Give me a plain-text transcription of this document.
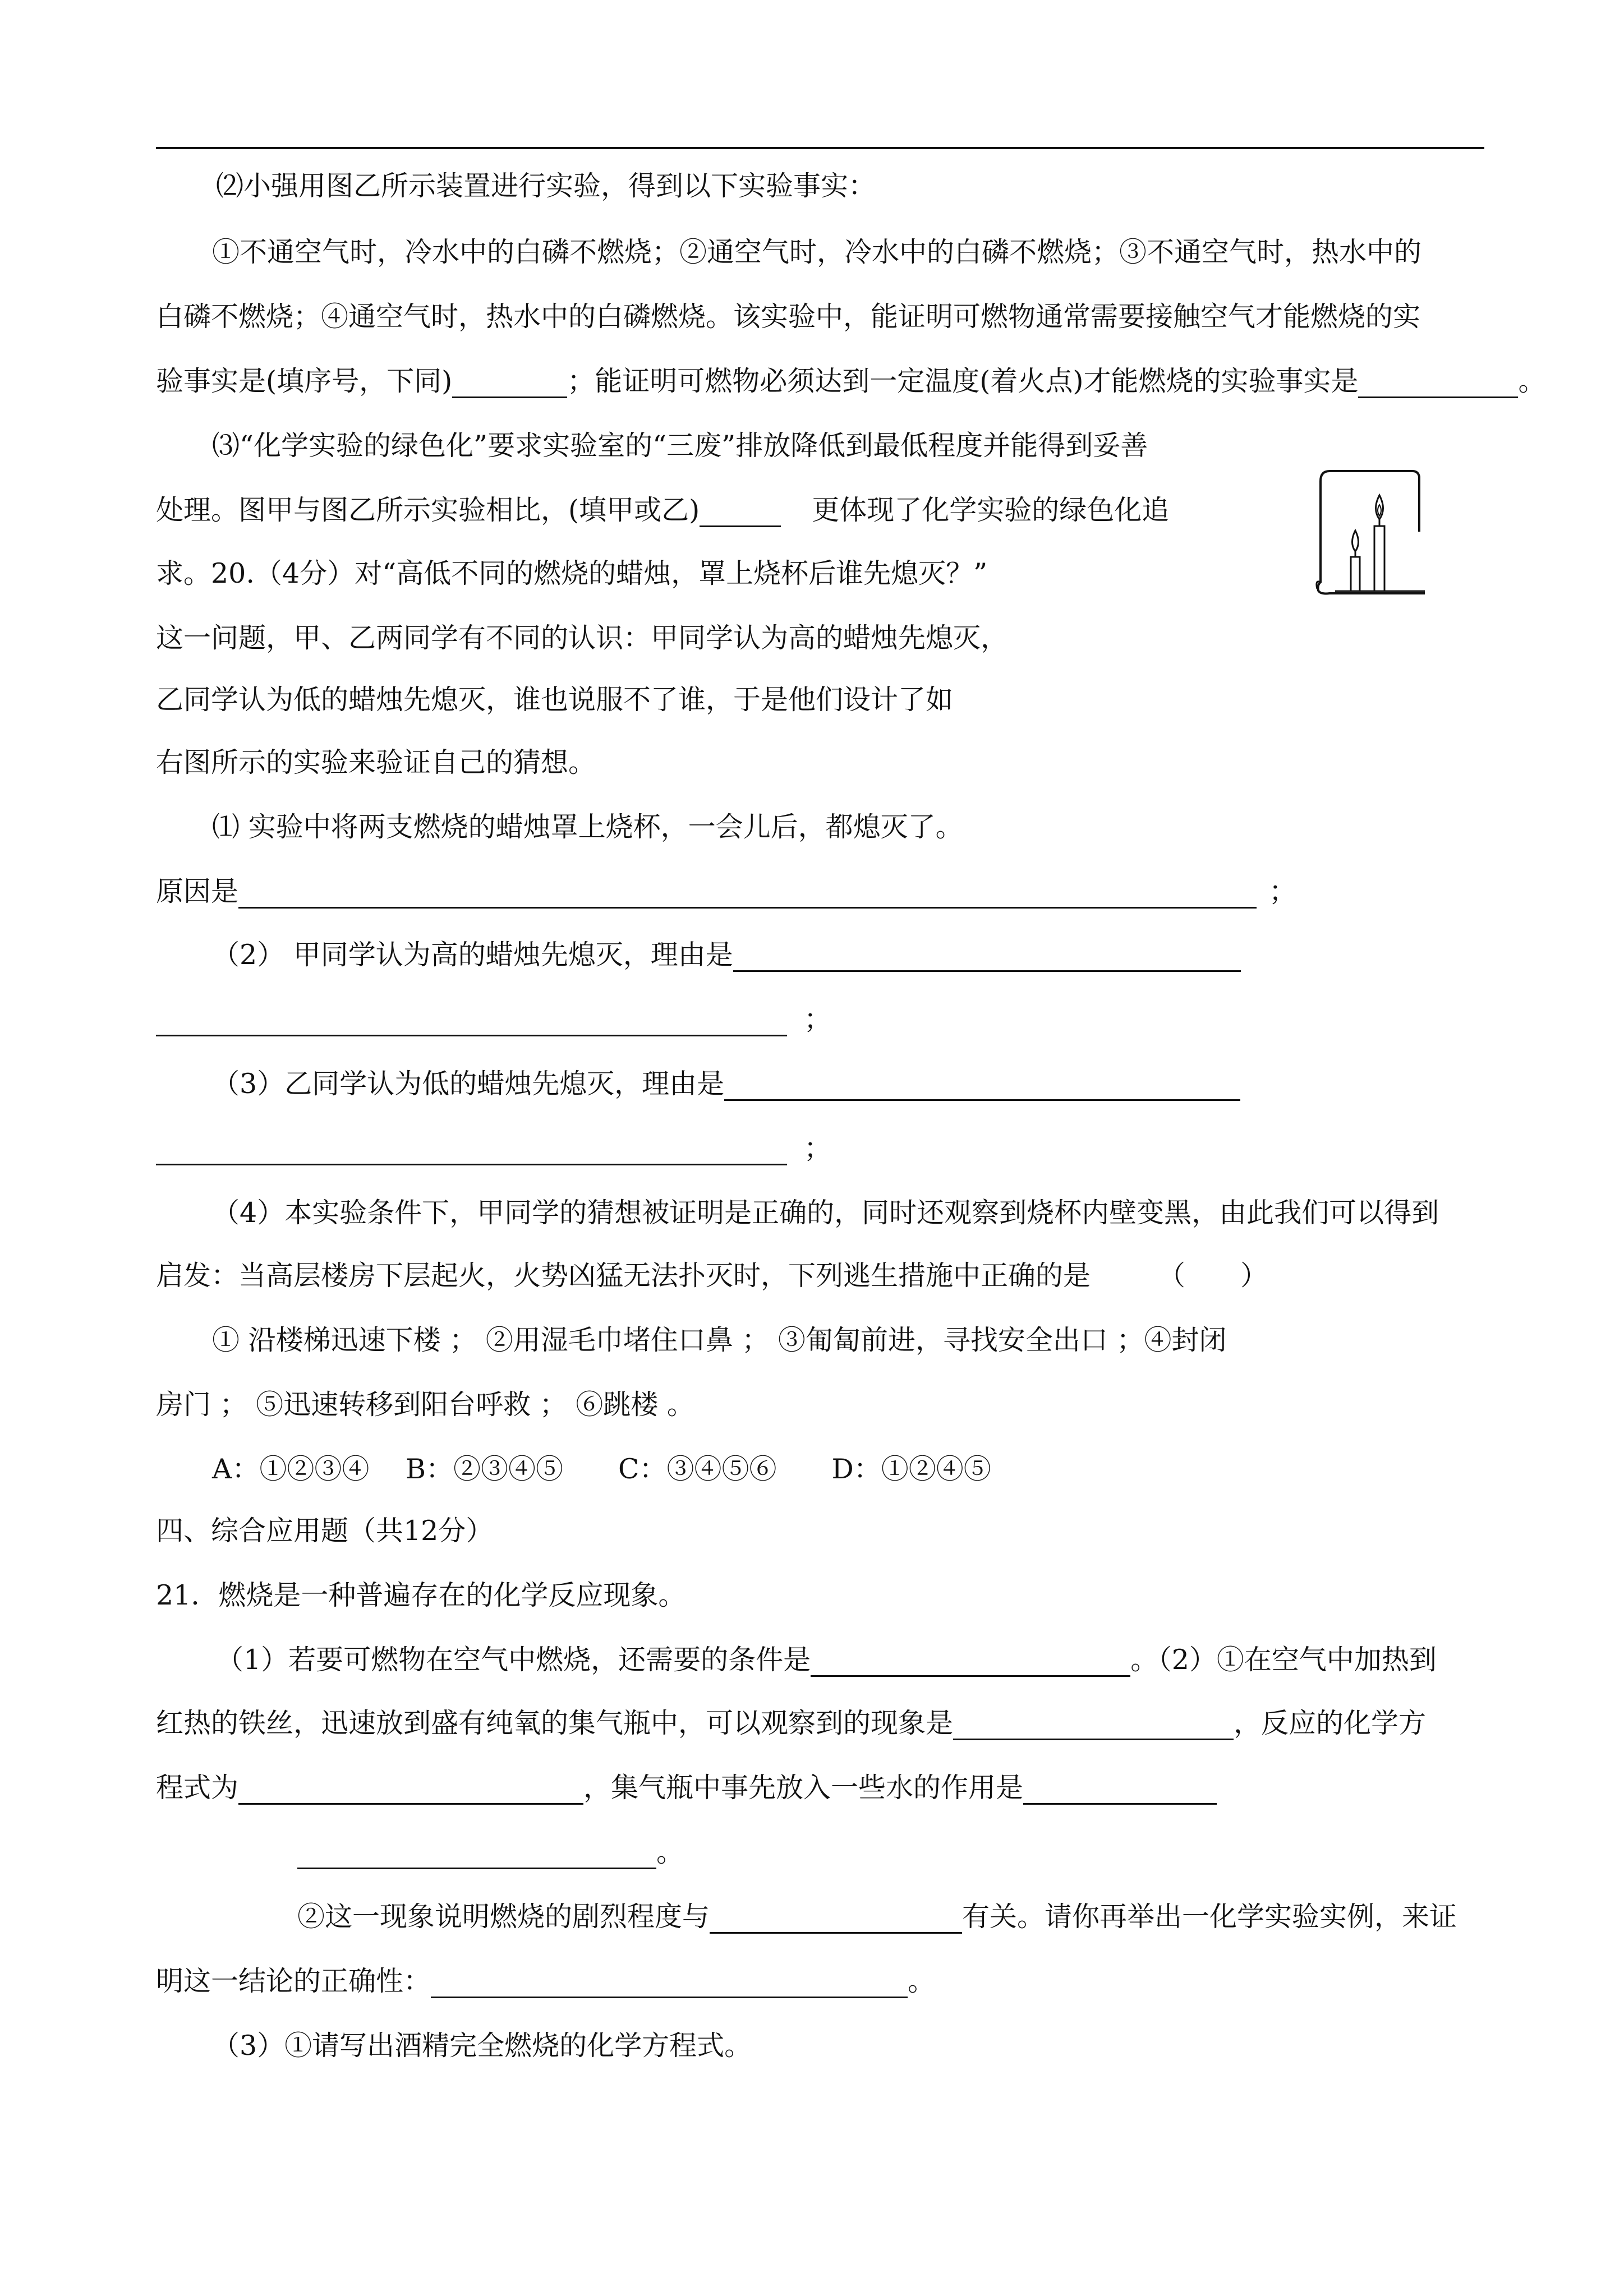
⑵小强用图乙所示装置进行实验，得到以下实验事实：
①不通空气时，冷水中的白磷不燃烧；②通空气时，冷水中的白磷不燃烧；③不通空气时，热水中的
白磷不燃烧；④通空气时，热水中的白磷燃烧。该实验中，能证明可燃物通常需要接触空气才能燃烧的实
验事实是(填序号，下同)	；能证明可燃物必须达到一定温度(着火点)才能燃烧的实验事实是	。
⑶“化学实验的绿色化”要求实验室的“三废”排放降低到最低程度并能得到妥善
处理。图甲与图乙所示实验相比，(填甲或乙)	更体现了化学实验的绿色化追
求。20.（4分）对“高低不同的燃烧的蜡烛，罩上烧杯后谁先熄灭？”
这一问题，甲、乙两同学有不同的认识：甲同学认为高的蜡烛先熄灭，
乙同学认为低的蜡烛先熄灭，谁也说服不了谁，于是他们设计了如
右图所示的实验来验证自己的猜想。
⑴ 实验中将两支燃烧的蜡烛罩上烧杯，一会儿后，都熄灭了。
原因是	；
（2） 甲同学认为高的蜡烛先熄灭，理由是
；
（3）乙同学认为低的蜡烛先熄灭，理由是
；
（4）本实验条件下，甲同学的猜想被证明是正确的，同时还观察到烧杯内壁变黑，由此我们可以得到
启发：当高层楼房下层起火，火势凶猛无法扑灭时，下列逃生措施中正确的是 （　　）
① 沿楼梯迅速下楼 ； ②用湿毛巾堵住口鼻 ； ③匍匐前进，寻找安全出口 ；④封闭
房门 ； ⑤迅速转移到阳台呼救 ； ⑥跳楼 。
A：①②③④　 B：②③④⑤　　C：③④⑤⑥　　D：①②④⑤
四、综合应用题（共12分）
21．燃烧是一种普遍存在的化学反应现象。
（1）若要可燃物在空气中燃烧，还需要的条件是	。（2）①在空气中加热到
红热的铁丝，迅速放到盛有纯氧的集气瓶中，可以观察到的现象是	，反应的化学方
程式为	，集气瓶中事先放入一些水的作用是
。
②这一现象说明燃烧的剧烈程度与	有关。请你再举出一化学实验实例，来证
明这一结论的正确性：	。
（3）①请写出酒精完全燃烧的化学方程式。
